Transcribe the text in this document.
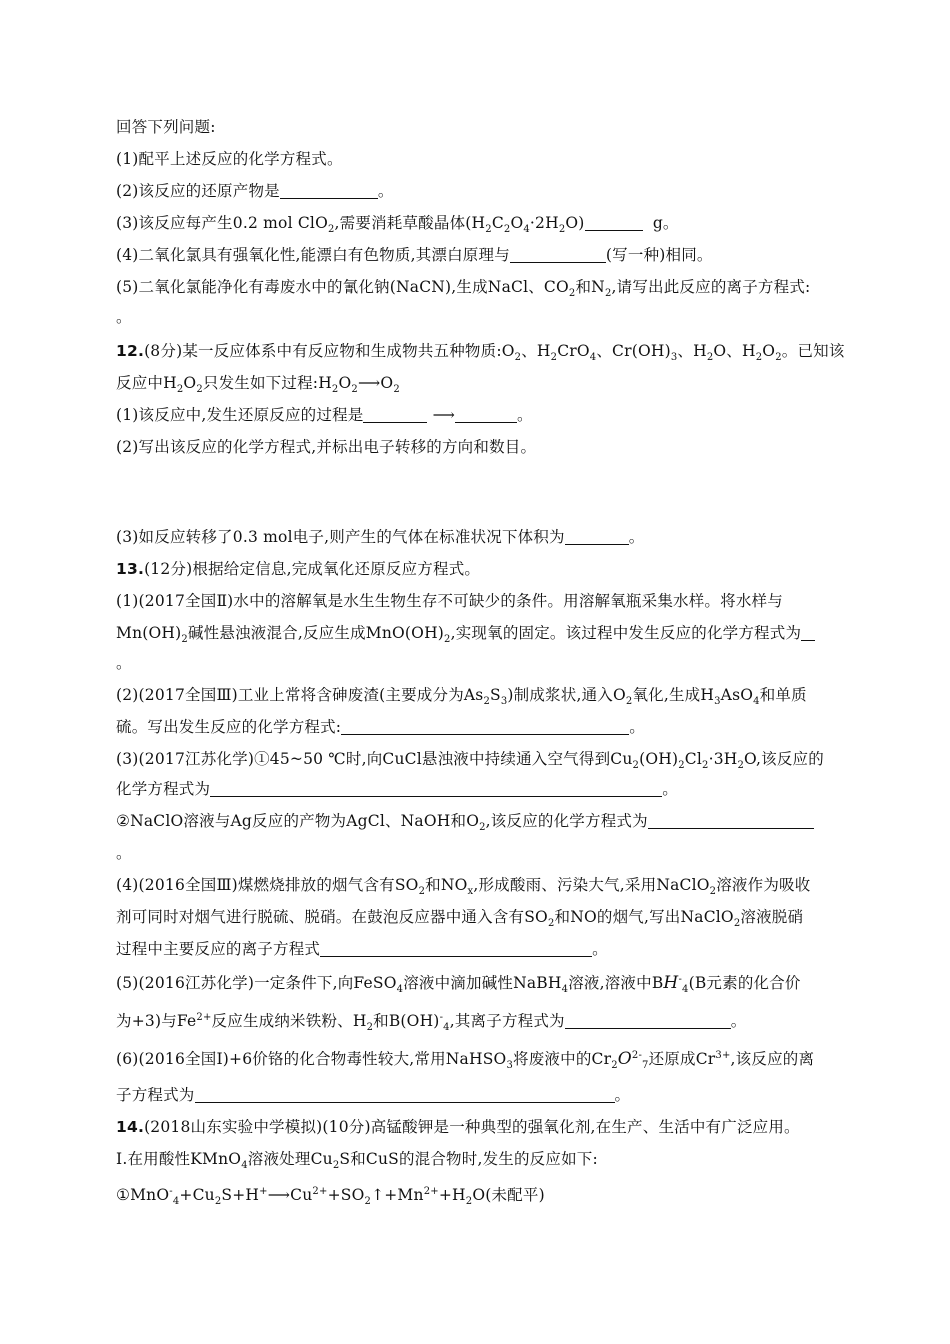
回答下列问题:
(1)配平上述反应的化学方程式。
(2)该反应的还原产物是	。
(3)该反应每产生0.2 mol ClO$_2$,需要消耗草酸晶体$(H_2C_2O_4\cdot 2H_2O)$	g。
(4)二氧化氯具有强氧化性,能漂白有色物质,其漂白原理与	(写一种)相同。
(5)二氧化氯能净化有毒废水中的氰化钠(NaCN),生成NaCl、$CO_2$和$N_2$,请写出此反应的离子方程式:
。
12.(8分)某一反应体系中有反应物和生成物共五种物质$:O_2$、$H_2CrO_4$、$Cr(OH)_3$、$H_2O$、$H_2O_2$。已知该
反应中$H_2O_2$只发生如下过程$:H_2O_2⟶O_2$
(1)该反应中,发生还原反应的过程是	⟶	。
(2)写出该反应的化学方程式,并标出电子转移的方向和数目。
(3)如反应转移了0.3 mol电子,则产生的气体在标准状况下体积为	。
13.(12分)根据给定信息,完成氧化还原反应方程式。
(1)(2017全国Ⅱ)水中的溶解氧是水生生物生存不可缺少的条件。用溶解氧瓶采集水样。将水样与
$Mn(OH)_2$碱性悬浊液混合,反应生成$MnO(OH)_2$,实现氧的固定。该过程中发生反应的化学方程式为
。
(2)(2017全国Ⅲ)工业上常将含砷废渣(主要成分为$As_2S_3$)制成浆状,通入$O_2$氧化,生成$H_3AsO_4$和单质
硫。写出发生反应的化学方程式:	。
(3)(2017江苏化学)①45~50 ℃时,向CuCl悬浊液中持续通入空气得到$Cu_2(OH)_2Cl_2\cdot 3H_2O$,该反应的
化学方程式为	。
②NaClO溶液与Ag反应的产物为AgCl、NaOH和$O_2$,该反应的化学方程式为
。
(4)(2016全国Ⅲ)煤燃烧排放的烟气含有$SO_2$和$NO_x$,形成酸雨、污染大气,采用NaClO$_2$溶液作为吸收
剂可同时对烟气进行脱硫、脱硝。在鼓泡反应器中通入含有$SO_2$和NO的烟气,写出NaClO$_2$溶液脱硝
过程中主要反应的离子方程式	。
(5)(2016江苏化学)一定条件下,向FeSO$_4$溶液中滴加碱性NaBH$_4$溶液,溶液中$BH^-_4(B$元素的化合价
为+3)与$Fe^{2+}$反应生成纳米铁粉、$H_2$和$B(OH)^-_4$,其离子方程式为	。
(6)(2016全国Ⅰ)+6价铬的化合物毒性较大,常用NaHSO$_3$将废液中的$Cr_2O^{2-}_7$还原成$Cr^{3+}$,该反应的离
子方程式为	。
14.(2018山东实验中学模拟)(10分)高锰酸钾是一种典型的强氧化剂,在生产、生活中有广泛应用。
Ⅰ.在用酸性KMnO$_4$溶液处理$Cu_2S$和CuS的混合物时,发生的反应如下:
$①MnO^-_4+Cu_2S+H^+⟶Cu^{2+}+SO_2↑+Mn^{2+}+H_2O$(未配平)
